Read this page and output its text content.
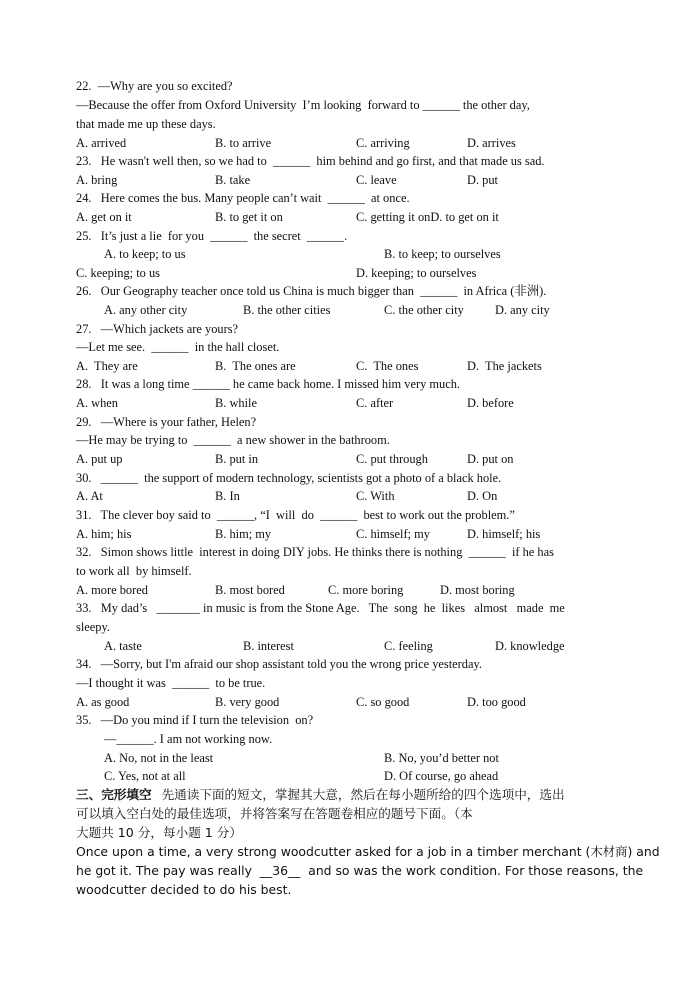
22.  —Why are you so excited?
—Because the offer from Oxford University  I’m looking  forward to ______ the other day,
that made me up these days.
A. arrived	B. to arrive	C. arriving	D. arrives
23.   He wasn't well then, so we had to  ______  him behind and go first, and that made us sad.
A. bring	B. take	C. leave	D. put
24.   Here comes the bus. Many people can’t wait  ______  at once.
A. get on it	B. to get it on	C. getting it onD. to get on it
25.   It’s just a lie  for you  ______  the secret  ______.
A. to keep; to us	B. to keep; to ourselves
C. keeping; to us	D. keeping; to ourselves
26.   Our Geography teacher once told us China is much bigger than  ______  in Africa (非洲).
A. any other city	B. the other cities	C. the other city	D. any city
27.   —Which jackets are yours?
—Let me see.  ______  in the hall closet.
A.  They are	B.  The ones are	C.  The ones	D.  The jackets
28.   It was a long time ______ he came back home. I missed him very much.
A. when	B. while	C. after	D. before
29.   —Where is your father, Helen?
—He may be trying to  ______  a new shower in the bathroom.
A. put up	B. put in	C. put through	D. put on
30.   ______  the support of modern technology, scientists got a photo of a black hole.
A. At	B. In	C. With	D. On
31.   The clever boy said to  ______, “I  will  do  ______  best to work out the problem.”
A. him; his	B. him; my	C. himself; my	D. himself; his
32.   Simon shows little  interest in doing DIY jobs. He thinks there is nothing  ______  if he has
to work all  by himself.
A. more bored	B. most bored	C. more boring	D. most boring
33.   My dad’s   _______ in music is from the Stone Age.   The  song  he  likes   almost   made  me
sleepy.
A. taste	B. interest	C. feeling	D. knowledge
34.   —Sorry, but I'm afraid our shop assistant told you the wrong price yesterday.
—I thought it was  ______  to be true.
A. as good	B. very good	C. so good	D. too good
35.   —Do you mind if I turn the television  on?
—______. I am not working now.
A. No, not in the least	B. No, you’d better not
C. Yes, not at all	D. Of course, go ahead
三、完形填空 先通读下面的短文，掌握其大意，然后在每小题所给的四个选项中，选出
可以填入空白处的最佳选项，并将答案写在答题卷相应的题号下面。（本
大题共 10 分，每小题 1 分）
Once upon a time, a very strong woodcutter asked for a job in a timber merchant (木材商) and
he got it. The pay was really  __36__  and so was the work condition. For those reasons, the
woodcutter decided to do his best.
